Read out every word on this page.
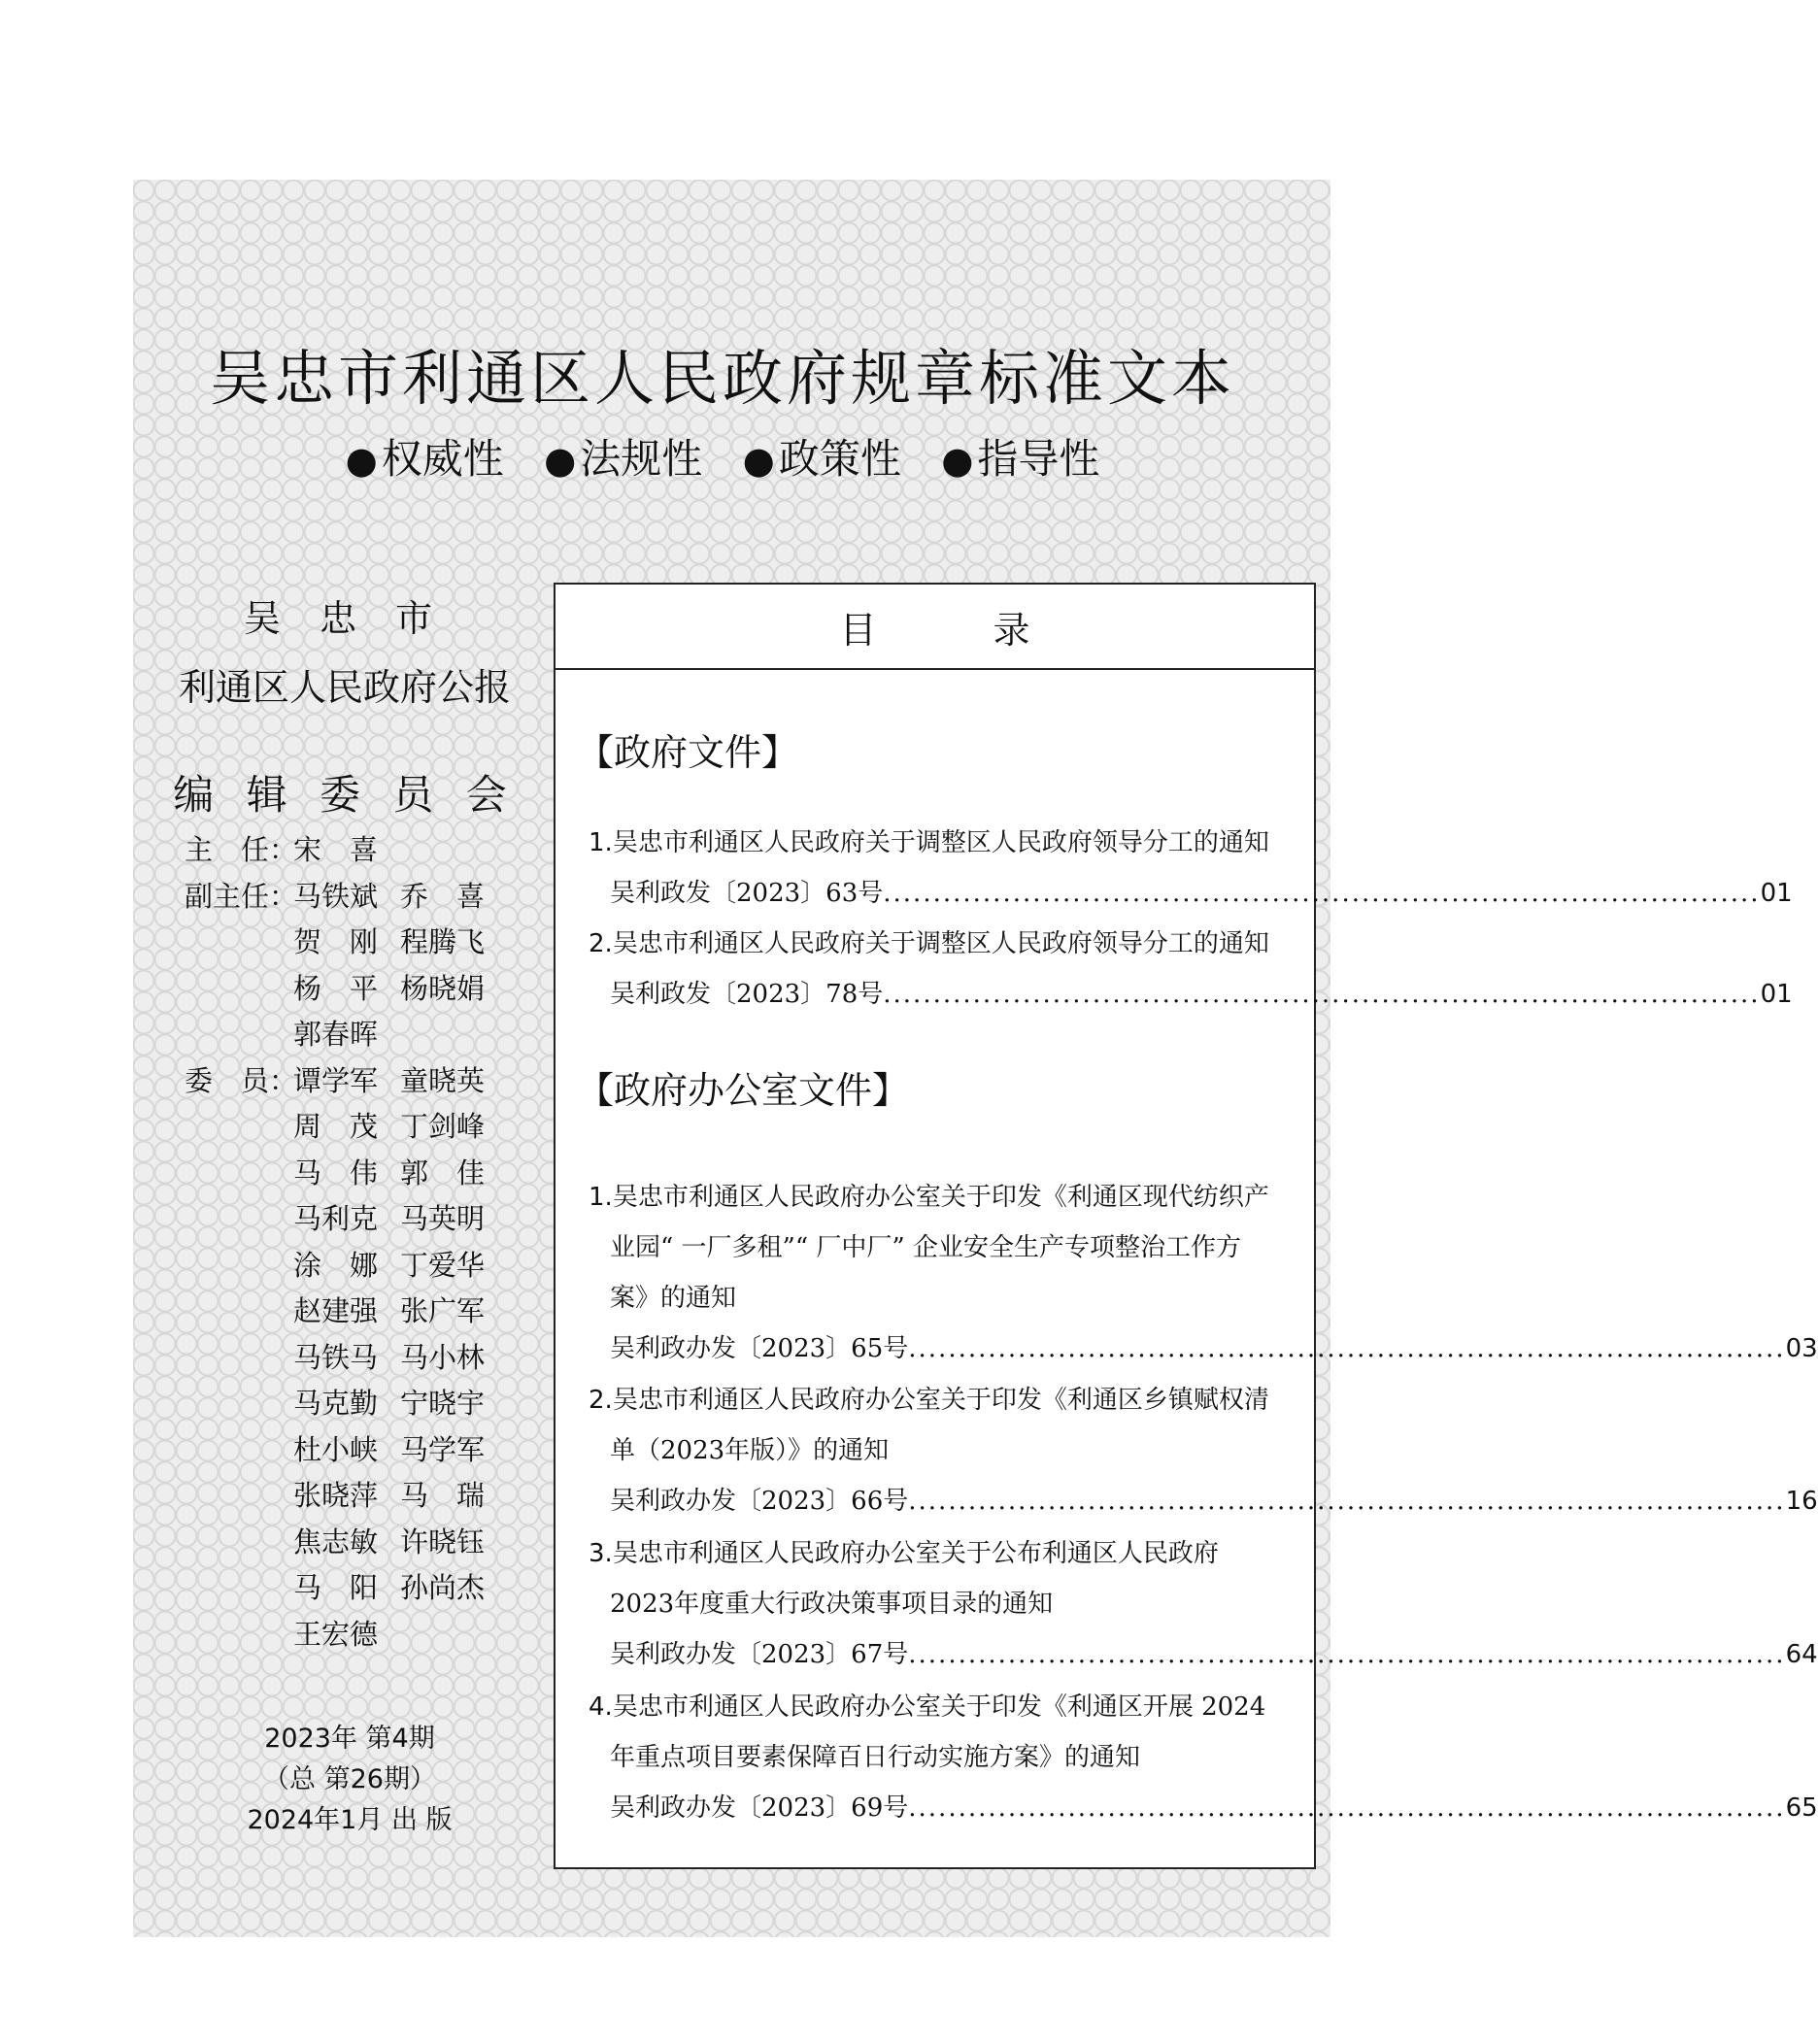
吴忠市利通区人民政府规章标准文本
●权威性 ●法规性 ●政策性 ●指导性
吴 忠 市
利通区人民政府公报
编 辑 委 员 会
主　任：
宋　喜
副主任：
马铁斌 乔　喜
贺　刚 程腾飞
杨　平 杨晓娟
郭春晖
委　员：
谭学军 童晓英
周　茂 丁剑峰
马　伟 郭　佳
马利克 马英明
涂　娜 丁爱华
赵建强 张广军
马铁马 马小林
马克勤 宁晓宇
杜小峡 马学军
张晓萍 马　瑞
焦志敏 许晓钰
马　阳 孙尚杰
王宏德
2023年 第4期
（总 第26期）
2024年1月 出 版
目录
【政府文件】
1.吴忠市利通区人民政府关于调整区人民政府领导分工的通知
吴利政发〔2023〕63号 ........................................................................................ 01
2.吴忠市利通区人民政府关于调整区人民政府领导分工的通知
吴利政发〔2023〕78号 ........................................................................................ 01
【政府办公室文件】
1.吴忠市利通区人民政府办公室关于印发《利通区现代纺织产
业园“ 一厂多租”“ 厂中厂” 企业安全生产专项整治工作方
案》的通知
吴利政办发〔2023〕65号 ........................................................................................ 03
2.吴忠市利通区人民政府办公室关于印发《利通区乡镇赋权清
单（2023年版）》的通知
吴利政办发〔2023〕66号 ........................................................................................ 16
3.吴忠市利通区人民政府办公室关于公布利通区人民政府
2023年度重大行政决策事项目录的通知
吴利政办发〔2023〕67号 ........................................................................................ 64
4.吴忠市利通区人民政府办公室关于印发《利通区开展 2024
年重点项目要素保障百日行动实施方案》的通知
吴利政办发〔2023〕69号 ........................................................................................ 65
